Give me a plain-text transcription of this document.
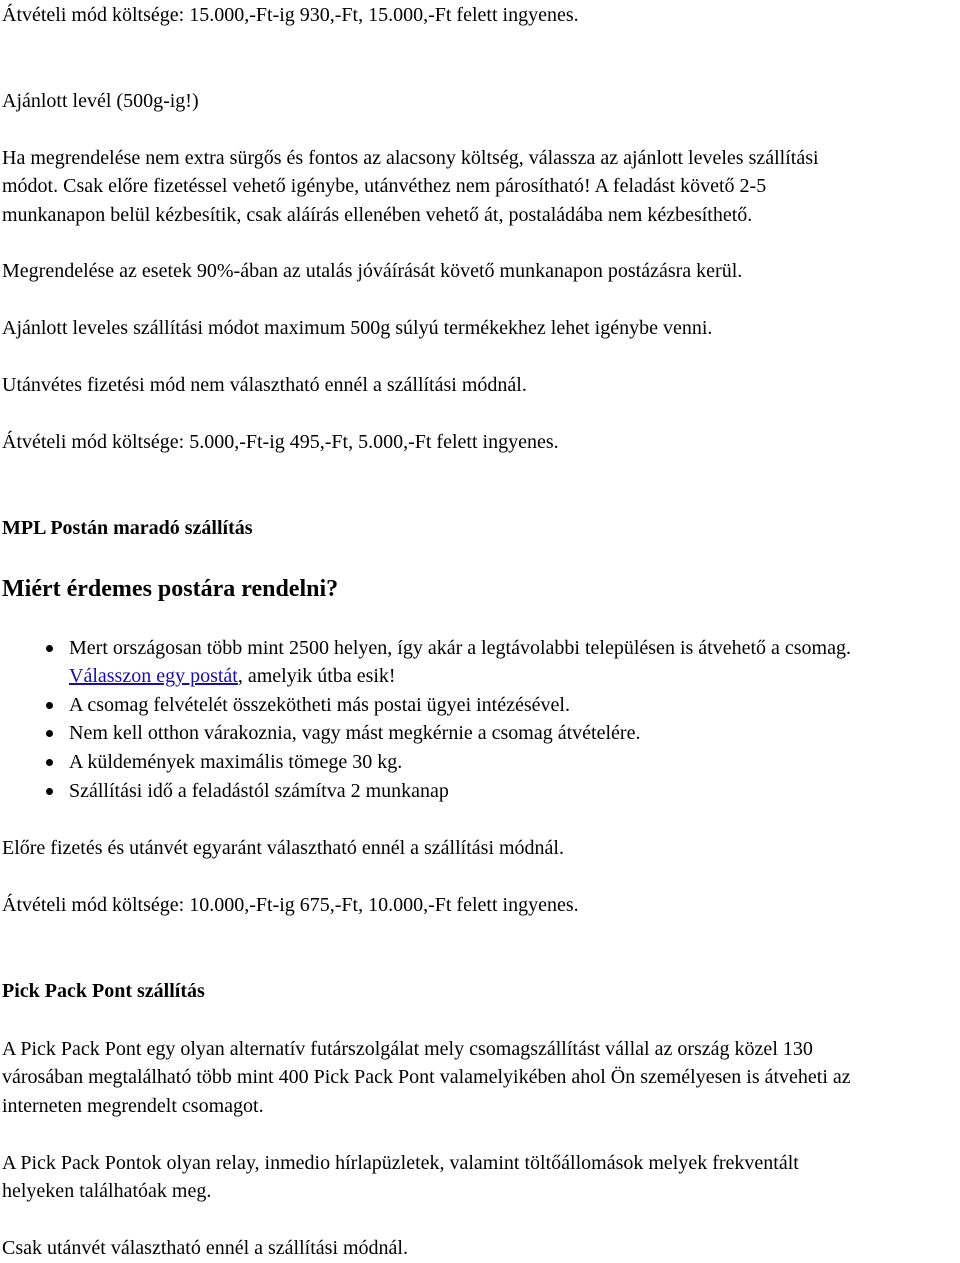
Átvételi mód költsége: 15.000,-Ft-ig 930,-Ft, 15.000,-Ft felett ingyenes.
Ajánlott levél (500g-ig!)
Ha megrendelése nem extra sürgős és fontos az alacsony költség, válassza az ajánlott leveles szállítási
módot. Csak előre fizetéssel vehető igénybe, utánvéthez nem párosítható! A feladást követő 2-5
munkanapon belül kézbesítik, csak aláírás ellenében vehető át, postaládába nem kézbesíthető.
Megrendelése az esetek 90%-ában az utalás jóváírását követő munkanapon postázásra kerül.
Ajánlott leveles szállítási módot maximum 500g súlyú termékekhez lehet igénybe venni.
Utánvétes fizetési mód nem választható ennél a szállítási módnál.
Átvételi mód költsége: 5.000,-Ft-ig 495,-Ft, 5.000,-Ft felett ingyenes.
MPL Postán maradó szállítás
Miért érdemes postára rendelni?
Mert országosan több mint 2500 helyen, így akár a legtávolabbi településen is átvehető a csomag.
Válasszon egy postát, amelyik útba esik!
A csomag felvételét összekötheti más postai ügyei intézésével.
Nem kell otthon várakoznia, vagy mást megkérnie a csomag átvételére.
A küldemények maximális tömege 30 kg.
Szállítási idő a feladástól számítva 2 munkanap
Előre fizetés és utánvét egyaránt választható ennél a szállítási módnál.
Átvételi mód költsége: 10.000,-Ft-ig 675,-Ft, 10.000,-Ft felett ingyenes.
Pick Pack Pont szállítás
A Pick Pack Pont egy olyan alternatív futárszolgálat mely csomagszállítást vállal az ország közel 130
városában megtalálható több mint 400 Pick Pack Pont valamelyikében ahol Ön személyesen is átveheti az
interneten megrendelt csomagot.
A Pick Pack Pontok olyan relay, inmedio hírlapüzletek, valamint töltőállomások melyek frekventált
helyeken találhatóak meg.
Csak utánvét választható ennél a szállítási módnál.
